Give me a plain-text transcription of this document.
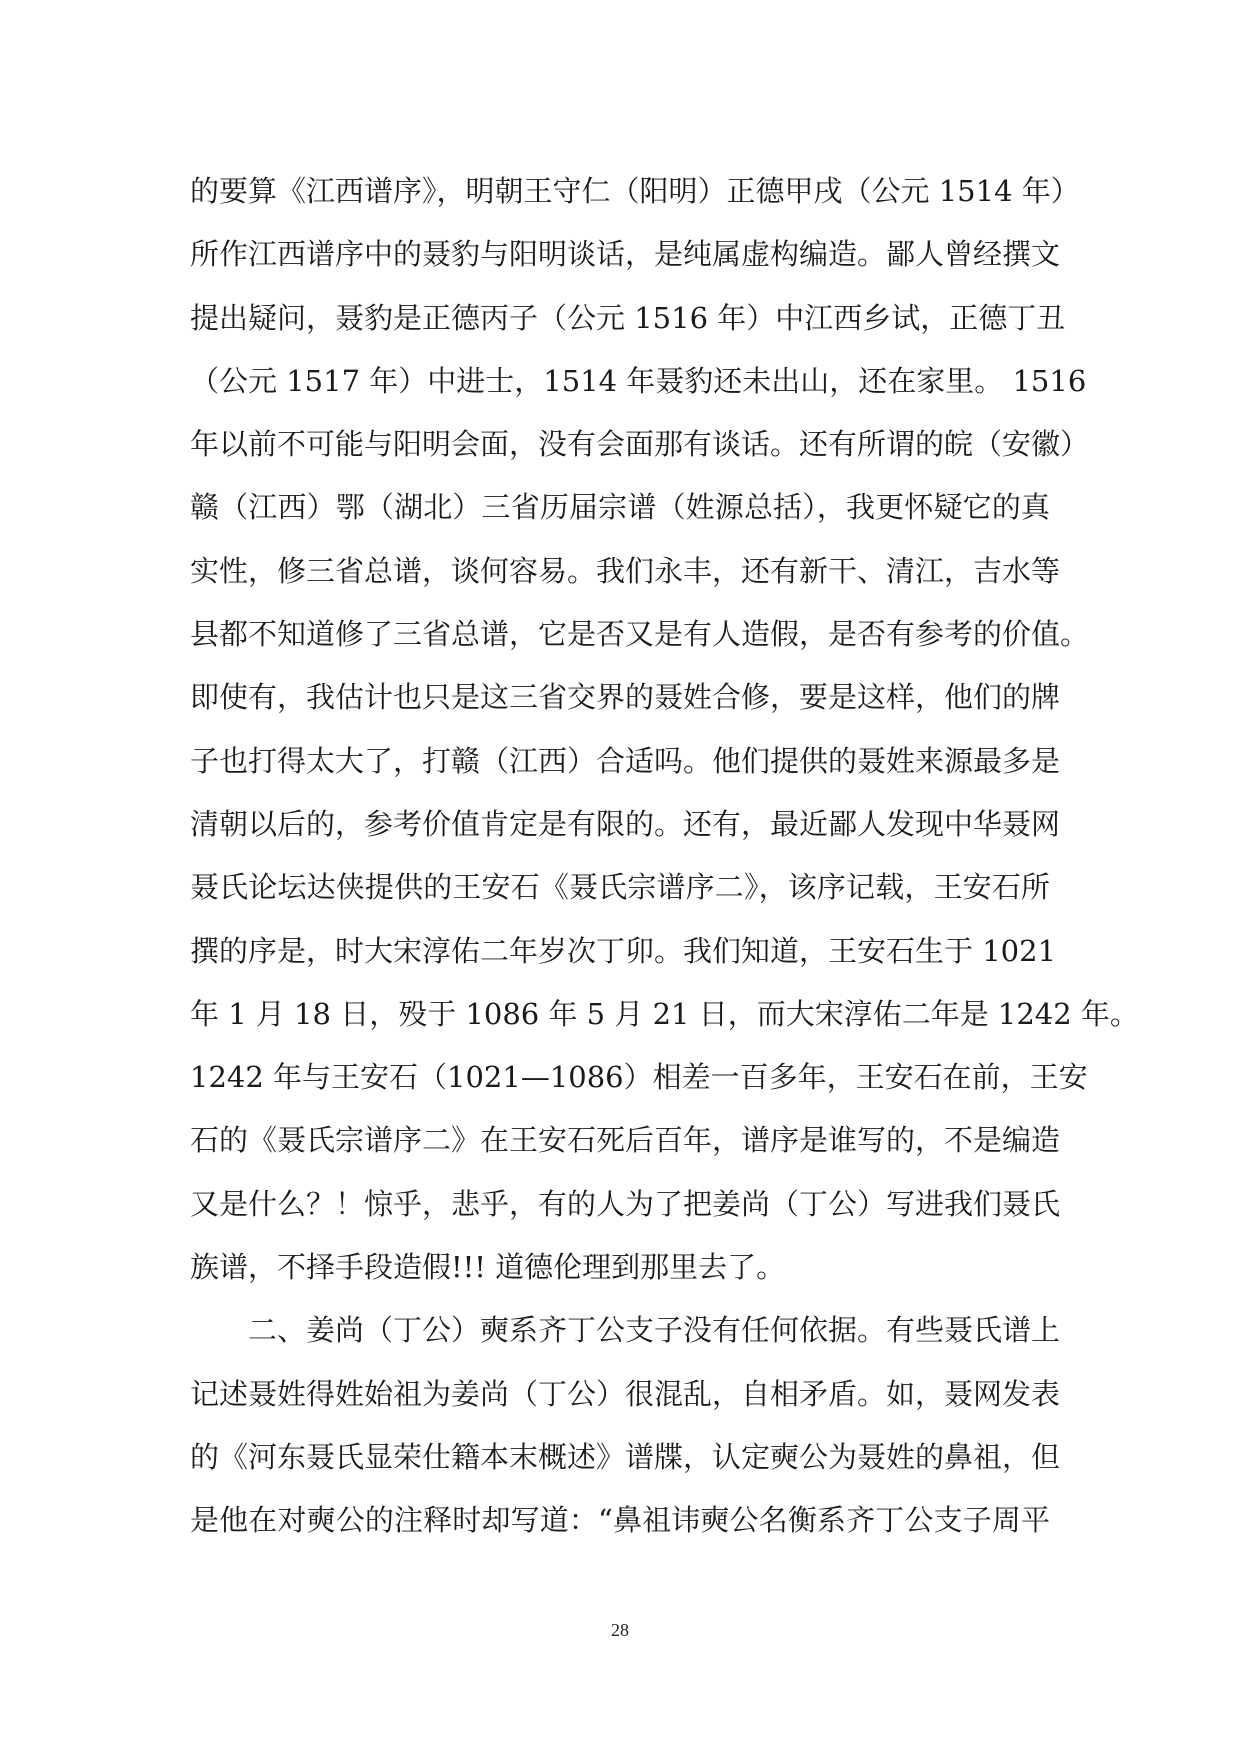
的要算《江西谱序》，明朝王守仁（阳明）正德甲戌（公元 1514 年）
所作江西谱序中的聂豹与阳明谈话，是纯属虚构编造。鄙人曾经撰文
提出疑问，聂豹是正德丙子（公元 1516 年）中江西乡试，正德丁丑
（公元 1517 年）中进士，1514 年聂豹还未出山，还在家里。 1516
年以前不可能与阳明会面，没有会面那有谈话。还有所谓的皖（安徽）
赣（江西）鄂（湖北）三省历届宗谱（姓源总括），我更怀疑它的真
实性，修三省总谱，谈何容易。我们永丰，还有新干、清江，吉水等
县都不知道修了三省总谱，它是否又是有人造假，是否有参考的价值。
即使有，我估计也只是这三省交界的聂姓合修，要是这样，他们的牌
子也打得太大了，打赣（江西）合适吗。他们提供的聂姓来源最多是
清朝以后的，参考价值肯定是有限的。还有，最近鄙人发现中华聂网
聂氏论坛达侠提供的王安石《聂氏宗谱序二》，该序记载，王安石所
撰的序是，时大宋淳佑二年岁次丁卯。我们知道，王安石生于 1021
年 1 月 18 日，殁于 1086 年 5 月 21 日，而大宋淳佑二年是 1242 年。
1242 年与王安石（1021—1086）相差一百多年，王安石在前，王安
石的《聂氏宗谱序二》在王安石死后百年，谱序是谁写的，不是编造
又是什么？！惊乎，悲乎，有的人为了把姜尚（丁公）写进我们聂氏
族谱，不择手段造假!!! 道德伦理到那里去了。
二、姜尚（丁公）奭系齐丁公支子没有任何依据。有些聂氏谱上
记述聂姓得姓始祖为姜尚（丁公）很混乱，自相矛盾。如，聂网发表
的《河东聂氏显荣仕籍本末概述》谱牒，认定奭公为聂姓的鼻祖，但
是他在对奭公的注释时却写道：“鼻祖讳奭公名衡系齐丁公支子周平
28
